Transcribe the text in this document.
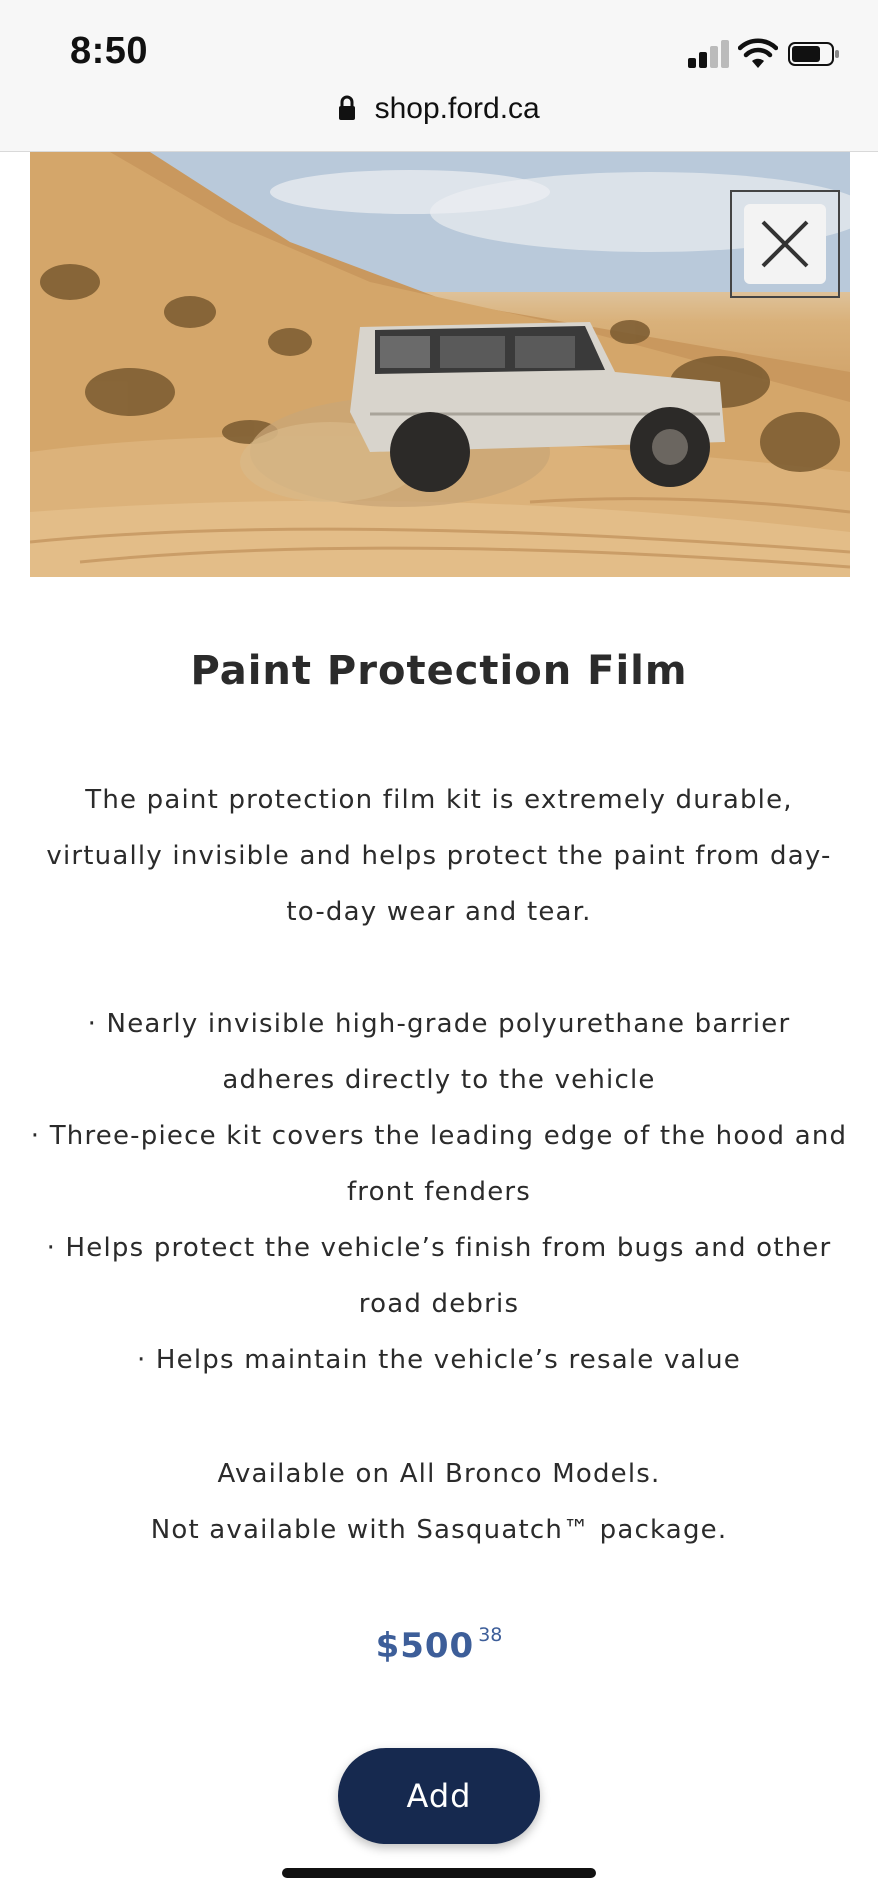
8:50
shop.ford.ca
Paint Protection Film

The paint protection film kit is extremely durable, virtually invisible and helps protect the paint from day-to-day wear and tear.

· Nearly invisible high-grade polyurethane barrier adheres directly to the vehicle
· Three-piece kit covers the leading edge of the hood and front fenders
· Helps protect the vehicle’s finish from bugs and other road debris
· Helps maintain the vehicle’s resale value
Available on All Bronco Models.
Not available with Sasquatch™ package.
$500 38
Add
